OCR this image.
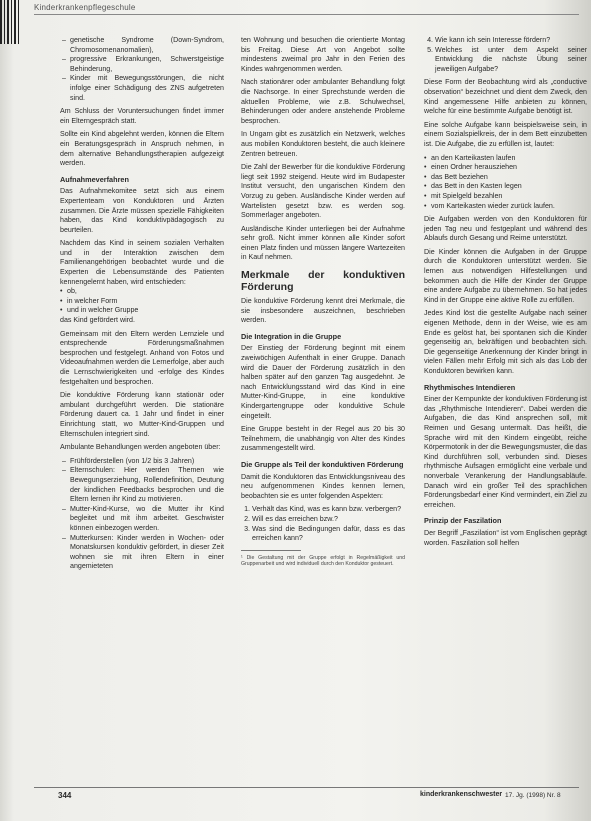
Kinderkrankenpflegeschule
– genetische Syndrome (Down-Syndrom, Chromosomenanomalien),
– progressive Erkrankungen, Schwerstgeistige Behinderung,
– Kinder mit Bewegungsstörungen, die nicht infolge einer Schädigung des ZNS aufgetreten sind.

Am Schluss der Voruntersuchungen findet immer ein Elterngespräch statt.

Sollte ein Kind abgelehnt werden, können die Eltern ein Beratungsgespräch in Anspruch nehmen, in dem alternative Behandlungstherapien aufgezeigt werden.

Aufnahmeverfahren

Das Aufnahmekomitee setzt sich aus einem Expertenteam von Konduktoren und Ärzten zusammen. Die Ärzte müssen spezielle Fähigkeiten haben, das Kind konduktivpädagogisch zu beurteilen.

Nachdem das Kind in seinem sozialen Verhalten und in der Interaktion zwischen dem Familienangehörigen beobachtet wurde und die Experten die Lebensumstände des Patienten kennengelernt haben, wird entschieden:

• ob,
• in welcher Form
• und in welcher Gruppe

das Kind gefördert wird.

Gemeinsam mit den Eltern werden Lernziele und entsprechende Förderungsmaßnahmen besprochen und festgelegt. Anhand von Fotos und Videoaufnahmen werden die Lernerfolge, aber auch die Lernschwierigkeiten und -erfolge des Kindes festgehalten und besprochen.

Die konduktive Förderung kann stationär oder ambulant durchgeführt werden. Die stationäre Förderung dauert ca. 1 Jahr und findet in einer Einrichtung statt, wo Mutter-Kind-Gruppen und Elternschulen integriert sind.

Ambulante Behandlungen werden angeboten über:

– Frühförderstellen (von 1/2 bis 3 Jahren)
– Elternschulen: Hier werden Themen wie Bewegungserziehung, Rollendefinition, Deutung der kindlichen Feedbacks besprochen und die Eltern lernen ihr Kind zu motivieren.
– Mutter-Kind-Kurse, wo die Mutter ihr Kind begleitet und mit ihm arbeitet. Geschwister können einbezogen werden.
– Mutterkursen: Kinder werden in Wochen- oder Monatskursen konduktiv gefördert, in dieser Zeit wohnen sie mit ihren Eltern in einer angemieteten

ten Wohnung und besuchen die orientierte Montag bis Freitag. Diese Art von Angebot sollte mindestens zweimal pro Jahr in den Ferien des Kindes wahrgenommen werden.

Nach stationärer oder ambulanter Behandlung folgt die Nachsorge. In einer Sprechstunde werden die aktuellen Probleme, wie z.B. Schulwechsel, Behinderungen oder andere anstehende Probleme besprochen.

In Ungarn gibt es zusätzlich ein Netzwerk, welches aus mobilen Konduktoren besteht, die auch kleinere Zentren betreuen.

Die Zahl der Bewerber für die konduktive Förderung liegt seit 1992 steigend. Heute wird im Budapester Institut versucht, den ungarischen Kindern den Vorzug zu geben. Ausländische Kinder werden auf Wartelisten gesetzt bzw. es werden sog. Sommerlager angeboten.

Ausländische Kinder unterliegen bei der Aufnahme sehr groß. Nicht immer können alle Kinder sofort einen Platz finden und müssen längere Wartezeiten in Kauf nehmen.

Merkmale der konduktiven Förderung

Die konduktive Förderung kennt drei Merkmale, die sie insbesondere auszeichnen, beschrieben werden.

Die Integration in die Gruppe

Der Einstieg der Förderung beginnt mit einem zweiwöchigen Aufenthalt in einer Gruppe. Danach wird die Dauer der Förderung zusätzlich in den halben später auf den ganzen Tag ausgedehnt. Je nach Entwicklungsstand wird das Kind in eine Mutter-Kind-Gruppe, in eine konduktive Kindergartengruppe oder konduktive Schule eingeteilt.

Eine Gruppe besteht in der Regel aus 20 bis 30 Teilnehmern, die unabhängig von Alter des Kindes zusammengestellt wird.

Die Gruppe als Teil der konduktiven Förderung

Damit die Konduktoren das Entwicklungsniveau des neu aufgenommenen Kindes kennen lernen, beobachten sie es unter folgenden Aspekten:

1. Verhält das Kind, was es kann bzw. verbergen?
2. Will es das erreichen bzw.?
3. Was sind die Bedingungen dafür, dass es das erreichen kann?
¹ Die Gestaltung mit der Gruppe erfolgt in Regelmäßigkeit und Gruppenarbeit und wird individuell durch den Konduktor gesteuert.
4. Wie kann ich sein Interesse fördern?
5. Welches ist unter dem Aspekt seiner Entwicklung die nächste Übung seiner jeweiligen Aufgabe?

Diese Form der Beobachtung wird als „conductive observation“ bezeichnet und dient dem Zweck, den Kind angemessene Hilfe anbieten zu können, welche für eine bestimmte Aufgabe benötigt ist.

Eine solche Aufgabe kann beispielsweise sein, in einem Sozialspielkreis, der in dem Bett einzubetten ist. Die Aufgabe, die zu erfüllen ist, lautet:

• an den Karteikasten laufen
• einen Ordner herausziehen
• das Bett beziehen
• das Bett in den Kasten legen
• mit Spielgeld bezahlen
• vom Karteikasten wieder zurück laufen.

Die Aufgaben werden von den Konduktoren für jeden Tag neu und festgeplant und während des Ablaufs durch Gesang und Reime unterstützt.

Die Kinder können die Aufgaben in der Gruppe durch die Konduktoren unterstützt werden. Sie lernen aus notwendigen Hilfestellungen und bekommen auch die Hilfe der Kinder der Gruppe eine andere Aufgabe zu übernehmen. So hat jedes Kind in der Gruppe eine aktive Rolle zu erfüllen.

Jedes Kind löst die gestellte Aufgabe nach seiner eigenen Methode, denn in der Weise, wie es am Ende es gelöst hat, bei spontanen sich die Kinder gegenseitig an, bekräftigen und beobachten sich. Die gegenseitige Anerkennung der Kinder bringt in vielen Fällen mehr Erfolg mit sich als das Lob der Konduktoren bewirken kann.

Rhythmisches Intendieren

Einer der Kernpunkte der konduktiven Förderung ist das „Rhythmische Intendieren“. Dabei werden die Aufgaben, die das Kind ansprechen soll, mit Reimen und Gesang untermalt. Das heißt, die Sprache wird mit den Kindern eingeübt, reiche Körpermotorik in der die Bewegungsmuster, die das Kind durchführen soll, verbunden sind. Dieses rhythmische Aufsagen ermöglicht eine verbale und nonverbale Verankerung der Handlungsabläufe. Danach wird ein großer Teil des sprachlichen Förderungsbedarf einer Kind vermindert, ein Ziel zu erreichen.

Prinzip der Faszilation

Der Begriff „Faszilation“ ist vom Englischen geprägt worden. Faszilation soll helfen

344	kinderkrankenschwester 17. Jg. (1998) Nr. 8
